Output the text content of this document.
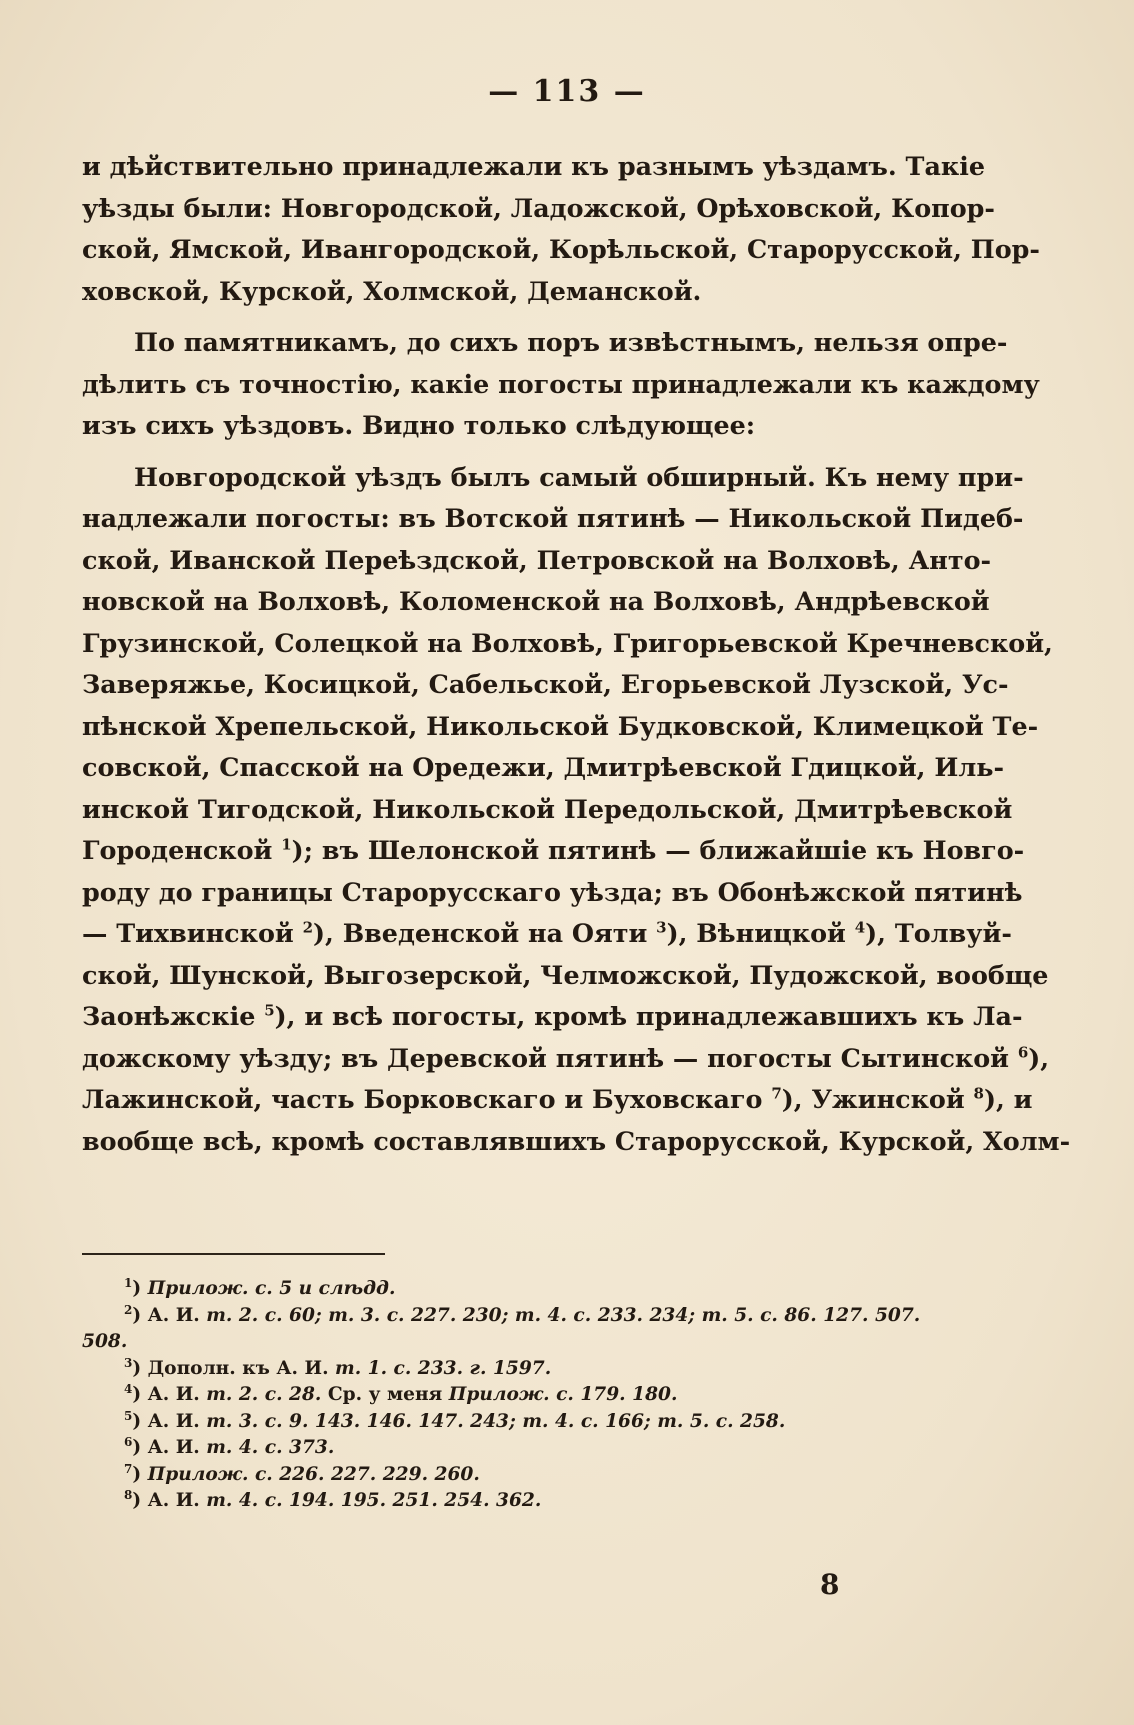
— 113 —
и дѣйствительно принадлежали къ разнымъ уѣздамъ. Такіе
уѣзды были: Новгородской, Ладожской, Орѣховской, Копор-
ской, Ямской, Ивангородской, Корѣльской, Старорусской, Пор-
ховской, Курской, Холмской, Деманской.
По памятникамъ, до сихъ поръ извѣстнымъ, нельзя опре-
дѣлить съ точностію, какіе погосты принадлежали къ каждому
изъ сихъ уѣздовъ. Видно только слѣдующее:
Новгородской уѣздъ былъ самый обширный. Къ нему при-
надлежали погосты: въ Вотской пятинѣ — Никольской Пидеб-
ской, Иванской Переѣздской, Петровской на Волховѣ, Анто-
новской на Волховѣ, Коломенской на Волховѣ, Андрѣевской
Грузинской, Солецкой на Волховѣ, Григорьевской Кречневской,
Заверяжье, Косицкой, Сабельской, Егорьевской Лузской, Ус-
пѣнской Хрепельской, Никольской Будковской, Климецкой Те-
совской, Спасской на Оредежи, Дмитрѣевской Гдицкой, Иль-
инской Тигодской, Никольской Передольской, Дмитрѣевской
Городенской $^1$); въ Шелонской пятинѣ — ближайшіе къ Новго-
роду до границы Старорусскаго уѣзда; въ Обонѣжской пятинѣ
— Тихвинской $^2$), Введенской на Ояти $^3$), Вѣницкой $^4$), Толвуй-
ской, Шунской, Выгозерской, Челможской, Пудожской, вообще
Заонѣжскіе $^5$), и всѣ погосты, кромѣ принадлежавшихъ къ Ла-
дожскому уѣзду; въ Деревской пятинѣ — погосты Сытинской $^6$),
Лажинской, часть Борковскаго и Буховскаго $^7$), Ужинской $^8$), и
вообще всѣ, кромѣ составлявшихъ Старорусской, Курской, Холм-
$^1$) Прилож. с. 5 и слѣдд.
$^2$) А. И. т. 2. с. 60; т. 3. с. 227. 230; т. 4. с. 233. 234; т. 5. с. 86. 127. 507.
508.
$^3$) Дополн. къ А. И. т. 1. с. 233. г. 1597.
$^4$) А. И. т. 2. с. 28. Ср. у меня Прилож. с. 179. 180.
$^5$) А. И. т. 3. с. 9. 143. 146. 147. 243; т. 4. с. 166; т. 5. с. 258.
$^6$) А. И. т. 4. с. 373.
$^7$) Прилож. с. 226. 227. 229. 260.
$^8$) А. И. т. 4. с. 194. 195. 251. 254. 362.
8
